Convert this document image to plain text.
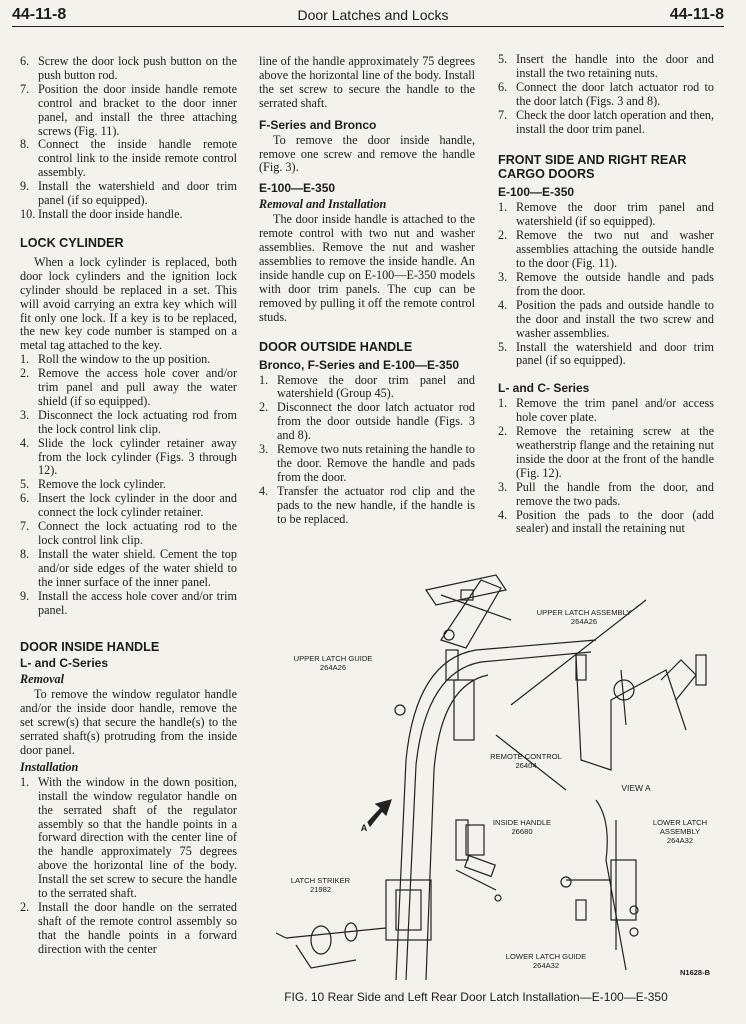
44-11-8	Door Latches and Locks	44-11-8
6. Screw the door lock push button on the push button rod.
7. Position the door inside handle remote control and bracket to the door inner panel, and install the three attaching screws (Fig. 11).
8. Connect the inside handle remote control link to the inside remote control assembly.
9. Install the watershield and door trim panel (if so equipped).
10. Install the door inside handle.
LOCK CYLINDER

When a lock cylinder is replaced, both door lock cylinders and the ignition lock cylinder should be replaced in a set. This will avoid carrying an extra key which will fit only one lock. If a key is to be replaced, the new key code number is stamped on a metal tag attached to the key.

1. Roll the window to the up position.
2. Remove the access hole cover and/or trim panel and pull away the water shield (if so equipped).
3. Disconnect the lock actuating rod from the lock control link clip.
4. Slide the lock cylinder retainer away from the lock cylinder (Figs. 3 through 12).
5. Remove the lock cylinder.
6. Insert the lock cylinder in the door and connect the lock cylinder retainer.
7. Connect the lock actuating rod to the lock control link clip.
8. Install the water shield. Cement the top and/or side edges of the water shield to the inner surface of the inner panel.
9. Install the access hole cover and/or trim panel.
DOOR INSIDE HANDLE
L- and C-Series
Removal

To remove the window regulator handle and/or the inside door handle, remove the set screw(s) that secure the handle(s) to the serrated shaft(s) protruding from the inside door panel.

Installation
1. With the window in the down position, install the window regulator handle on the serrated shaft of the regulator assembly so that the handle points in a forward direction with the center line of the handle approximately 75 degrees above the horizontal line of the body. Install the set screw to secure the handle to the serrated shaft.
2. Install the door handle on the serrated shaft of the remote control assembly so that the handle points in a forward direction with the center

line of the handle approximately 75 degrees above the horizontal line of the body. Install the set screw to secure the handle to the serrated shaft.

F-Series and Bronco

To remove the door inside handle, remove one screw and remove the handle (Fig. 3).

E-100—E-350
Removal and Installation

The door inside handle is attached to the remote control with two nut and washer assemblies. Remove the nut and washer assemblies to remove the inside handle. An inside handle cup on E-100—E-350 models with door trim panels. The cup can be removed by pulling it off the remote control studs.

DOOR OUTSIDE HANDLE
Bronco, F-Series and E-100—E-350
1. Remove the door trim panel and watershield (Group 45).
2. Disconnect the door latch actuator rod from the door outside handle (Figs. 3 and 8).
3. Remove two nuts retaining the handle to the door. Remove the handle and pads from the door.
4. Transfer the actuator rod clip and the pads to the new handle, if the handle is to be replaced.
5. Insert the handle into the door and install the two retaining nuts.
6. Connect the door latch actuator rod to the door latch (Figs. 3 and 8).
7. Check the door latch operation and then, install the door trim panel.
FRONT SIDE AND RIGHT REAR CARGO DOORS
E-100—E-350
1. Remove the door trim panel and watershield (if so equipped).
2. Remove the two nut and washer assemblies attaching the outside handle to the door (Fig. 11).
3. Remove the outside handle and pads from the door.
4. Position the pads and outside handle to the door and install the two screw and washer assemblies.
5. Install the watershield and door trim panel (if so equipped).
L- and C- Series
1. Remove the trim panel and/or access hole cover plate.
2. Remove the retaining screw at the weatherstrip flange and the retaining nut inside the door at the front of the handle (Fig. 12).
3. Pull the handle from the door, and remove the two pads.
4. Position the pads to the door (add sealer) and install the retaining nut
UPPER LATCH ASSEMBLY
264A26
UPPER LATCH GUIDE
264A26
REMOTE CONTROL
26404
VIEW A
INSIDE HANDLE
26680
LOWER LATCH
ASSEMBLY
264A32
LATCH STRIKER
21982
LOWER LATCH GUIDE
264A32
A
N1628-B
FIG. 10 Rear Side and Left Rear Door Latch Installation—E-100—E-350
